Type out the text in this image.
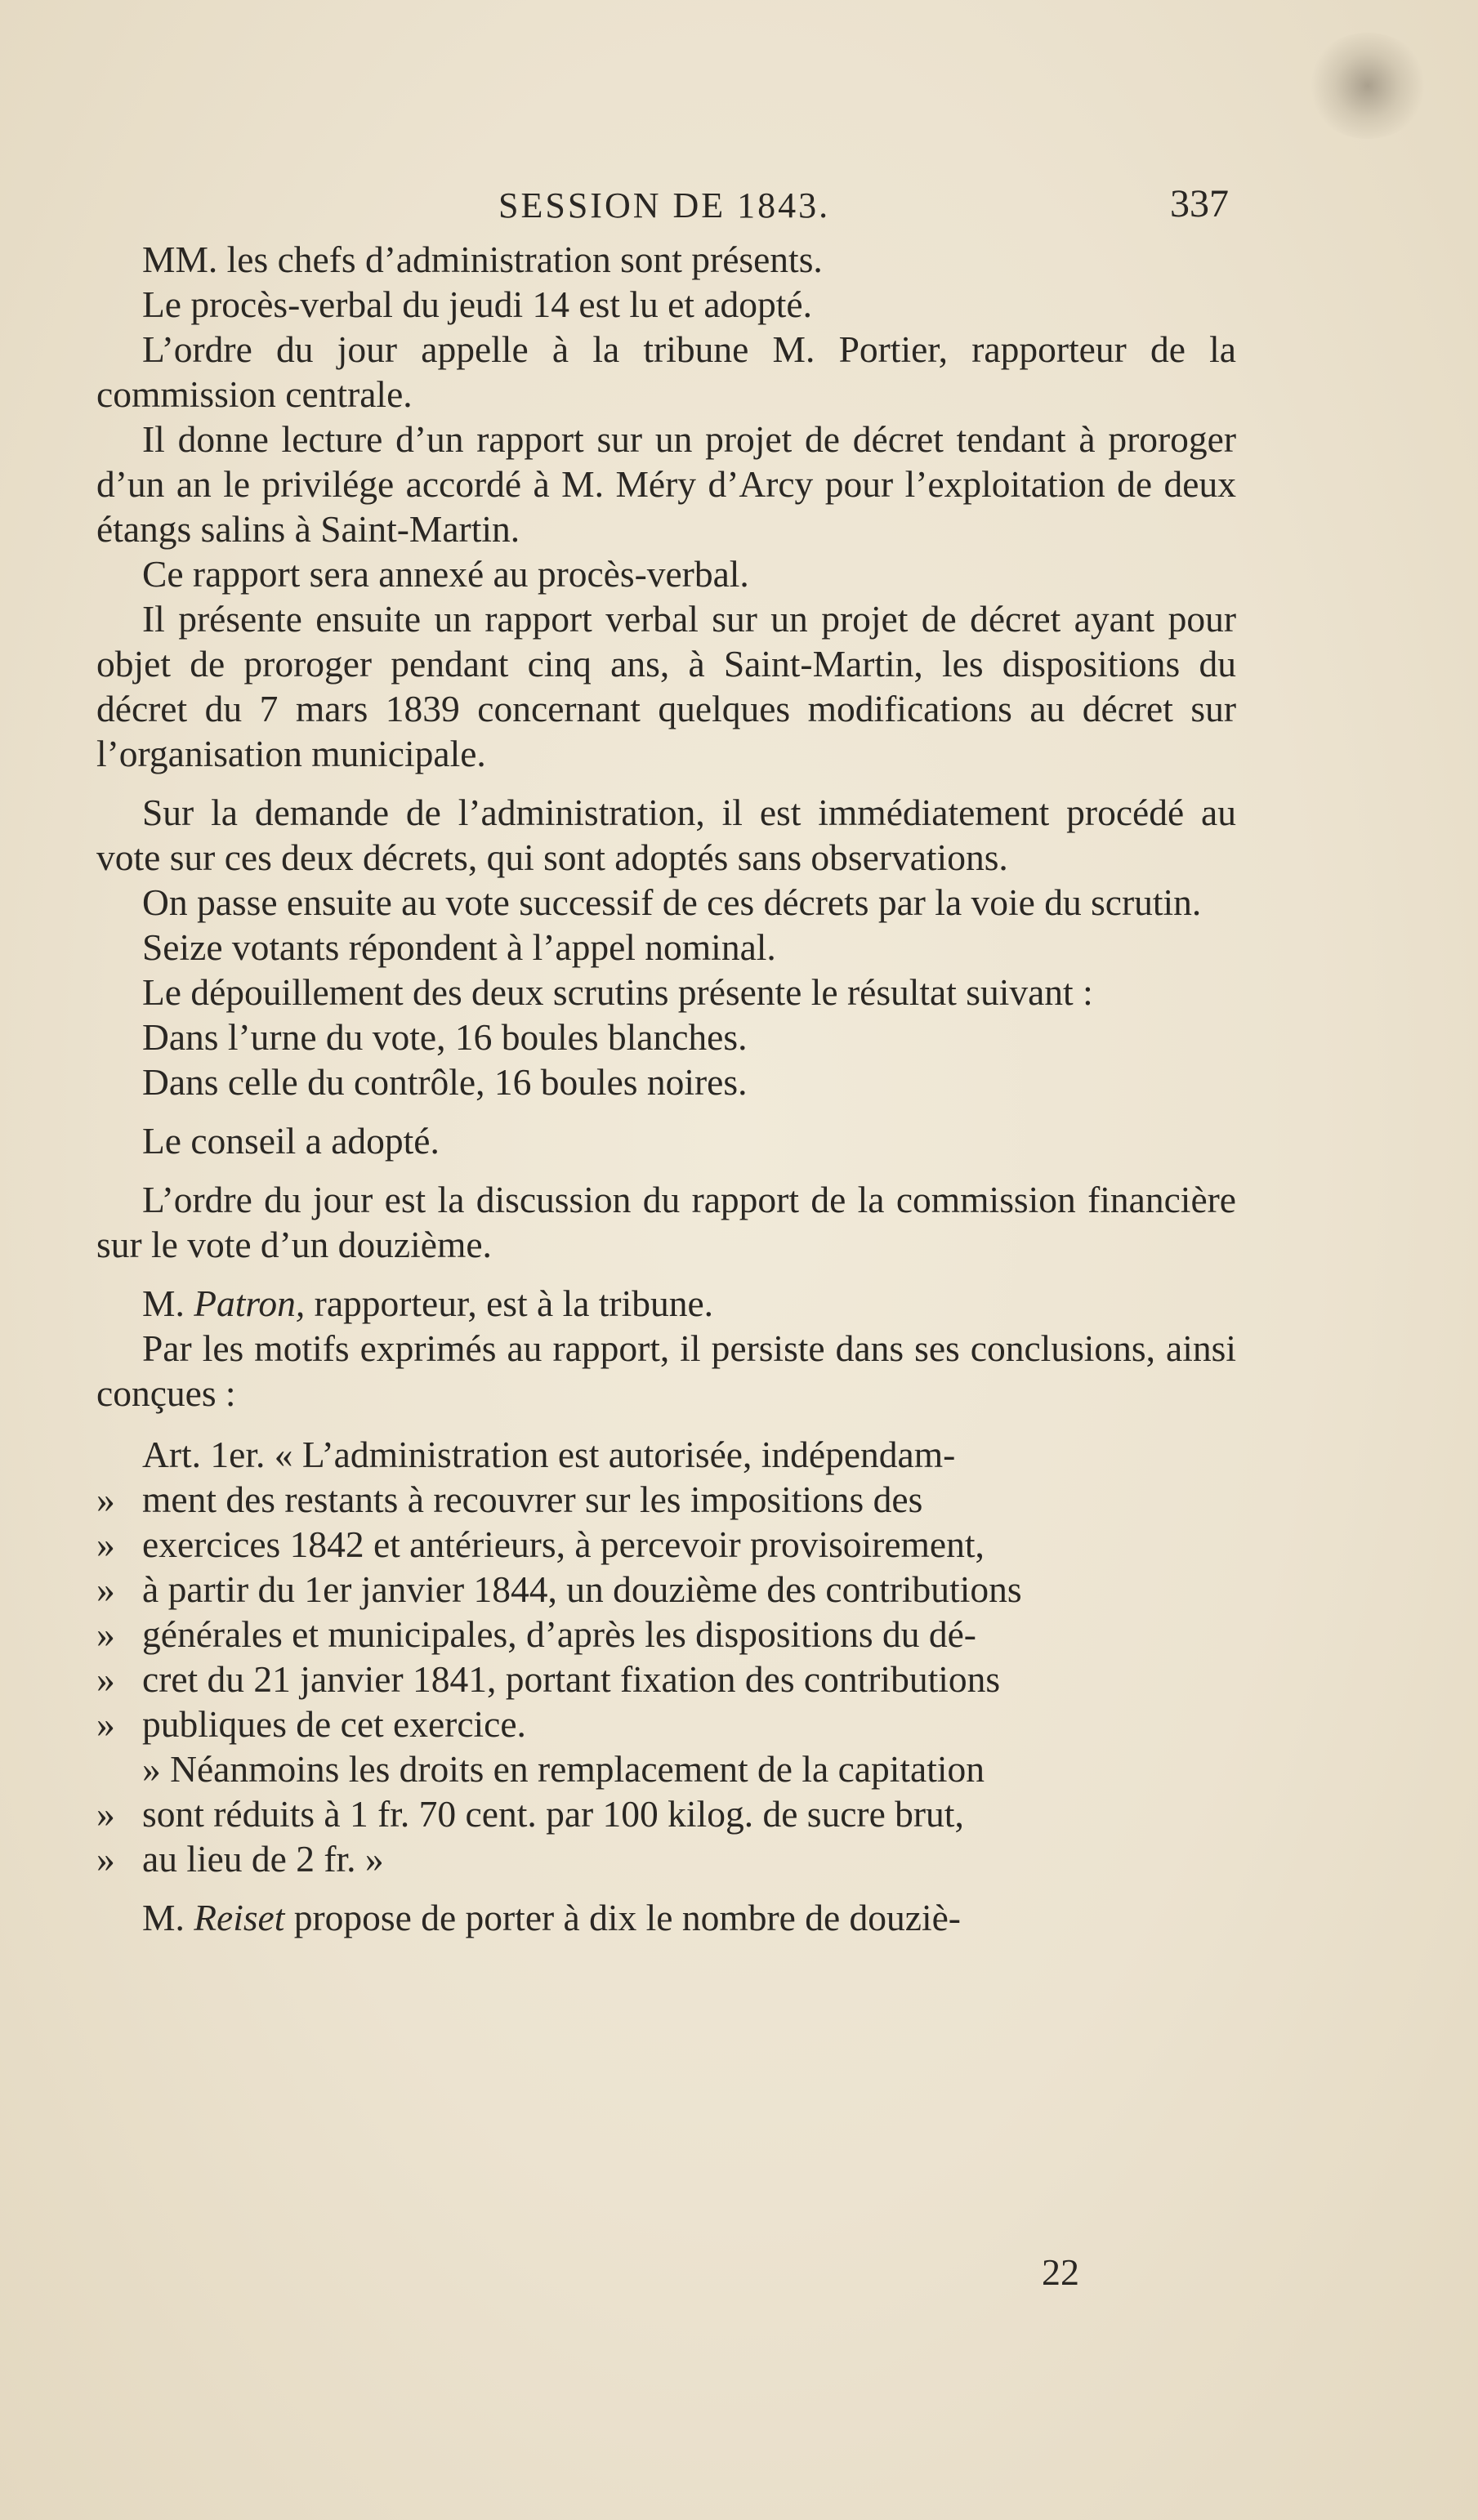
SESSION DE 1843.	337

MM. les chefs d’administration sont présents.

Le procès-verbal du jeudi 14 est lu et adopté.

L’ordre du jour appelle à la tribune M. Portier, rapporteur de la commission centrale.

Il donne lecture d’un rapport sur un projet de décret tendant à proroger d’un an le privilége accordé à M. Méry d’Arcy pour l’exploitation de deux étangs salins à Saint-Martin.

Ce rapport sera annexé au procès-verbal.

Il présente ensuite un rapport verbal sur un projet de décret ayant pour objet de proroger pendant cinq ans, à Saint-Martin, les dispositions du décret du 7 mars 1839 concernant quelques modifications au décret sur l’organisation municipale.

Sur la demande de l’administration, il est immédiatement procédé au vote sur ces deux décrets, qui sont adoptés sans observations.

On passe ensuite au vote successif de ces décrets par la voie du scrutin.

Seize votants répondent à l’appel nominal.

Le dépouillement des deux scrutins présente le résultat suivant :

Dans l’urne du vote, 16 boules blanches.
Dans celle du contrôle, 16 boules noires.

Le conseil a adopté.

L’ordre du jour est la discussion du rapport de la commission financière sur le vote d’un douzième.

M. Patron, rapporteur, est à la tribune.

Par les motifs exprimés au rapport, il persiste dans ses conclusions, ainsi conçues :

Art. 1er. « L’administration est autorisée, indépendam-
» ment des restants à recouvrer sur les impositions des
» exercices 1842 et antérieurs, à percevoir provisoirement,
» à partir du 1er janvier 1844, un douzième des contributions
» générales et municipales, d’après les dispositions du dé-
» cret du 21 janvier 1841, portant fixation des contributions
» publiques de cet exercice.
» Néanmoins les droits en remplacement de la capitation
» sont réduits à 1 fr. 70 cent. par 100 kilog. de sucre brut,
» au lieu de 2 fr. »

M. Reiset propose de porter à dix le nombre de douziè-

22
